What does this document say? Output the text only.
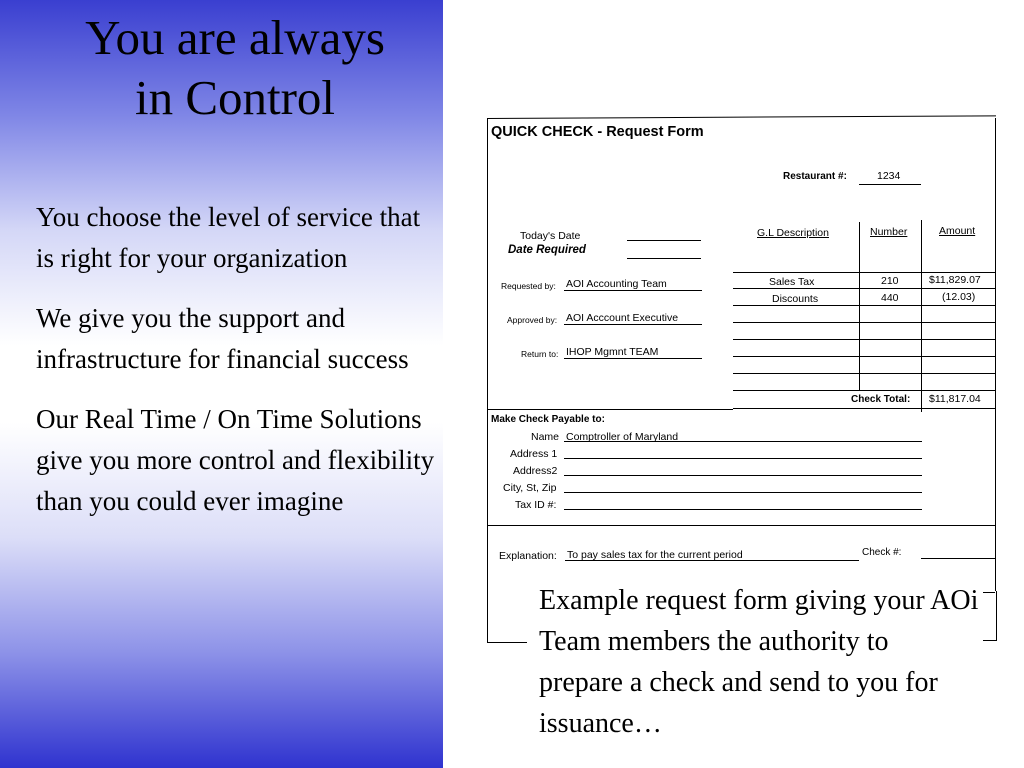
You are always
in Control

You choose the level of service that is right for your organization

We give you the support and infrastructure for financial success

Our Real Time / On Time Solutions give you more control and flexibility than you could ever imagine

QUICK CHECK - Request Form
Restaurant #:	1234
Today's Date
Date Required
Requested by: AOI Accounting Team
Approved by: AOI Acccount Executive
Return to: IHOP Mgmnt TEAM
G.L Description	Number	Amount
Sales Tax	210	$11,829.07
Discounts	440	(12.03)
Check Total: $11,817.04
Make Check Payable to:
Name Comptroller of Maryland
Address 1
Address2
City, St, Zip
Tax ID #:
Explanation: To pay sales tax for the current period	Check #:
Example request form giving your AOi Team members the authority to prepare a check and send to you for issuance…
